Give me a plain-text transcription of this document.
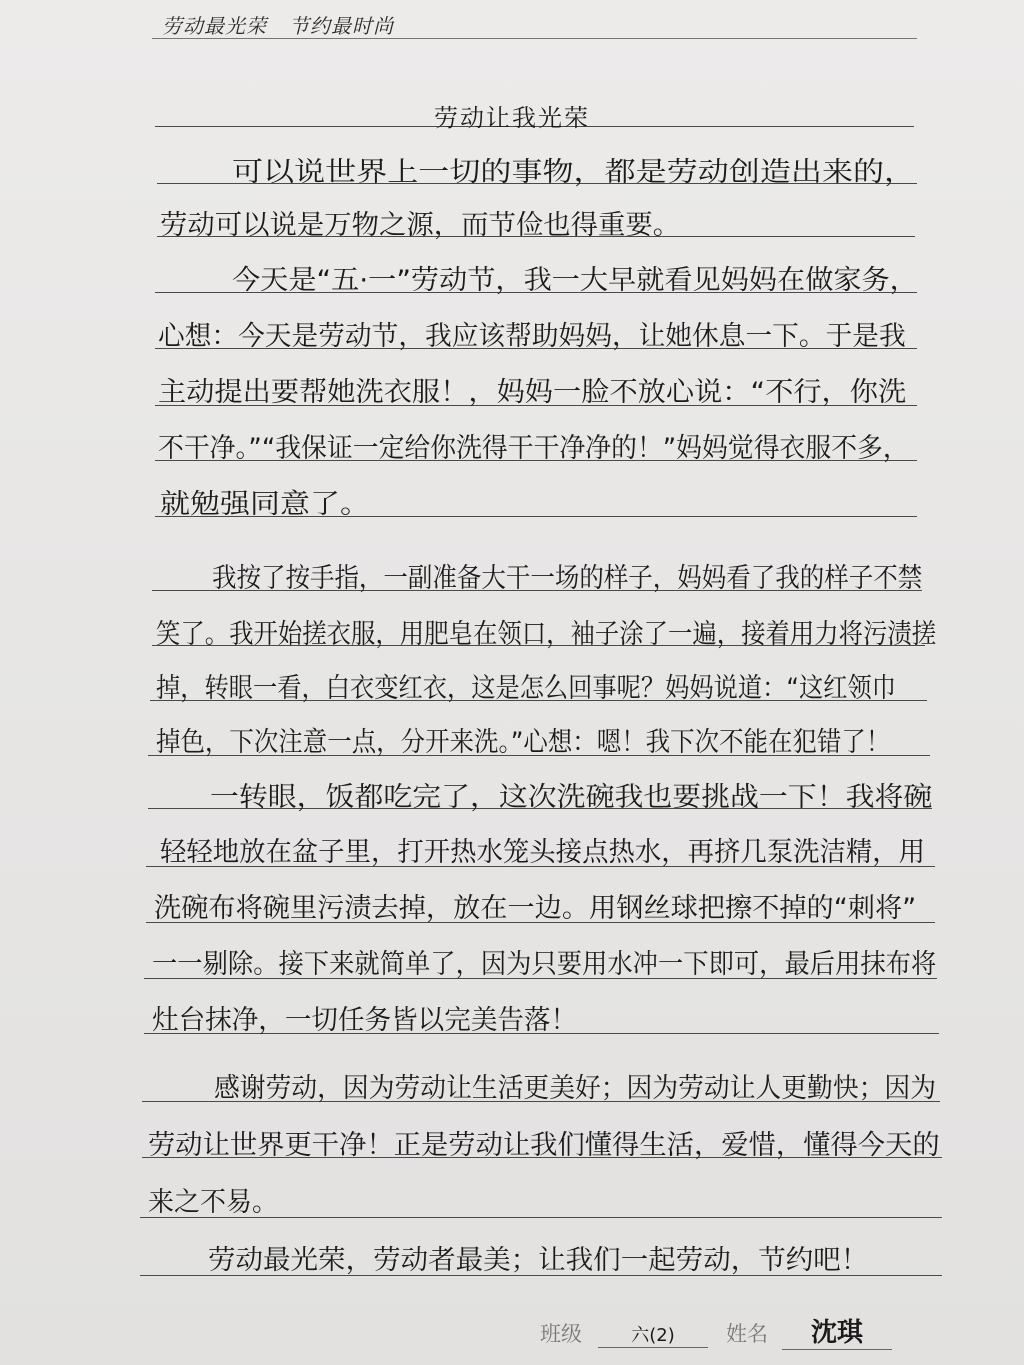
劳动最光荣 节约最时尚
劳动让我光荣
可以说世界上一切的事物，都是劳动创造出来的，
劳动可以说是万物之源，而节俭也得重要。
今天是“五·一”劳动节，我一大早就看见妈妈在做家务，
心想：今天是劳动节，我应该帮助妈妈，让她休息一下。于是我
主动提出要帮她洗衣服！，妈妈一脸不放心说：“不行，你洗
不干净。”“我保证一定给你洗得干干净净的！”妈妈觉得衣服不多，
就勉强同意了。
我按了按手指，一副准备大干一场的样子，妈妈看了我的样子不禁
笑了。我开始搓衣服，用肥皂在领口，袖子涂了一遍，接着用力将污渍搓
掉，转眼一看，白衣变红衣，这是怎么回事呢？妈妈说道：“这红领巾
掉色，下次注意一点，分开来洗。”心想：嗯！我下次不能在犯错了！
一转眼，饭都吃完了，这次洗碗我也要挑战一下！我将碗
轻轻地放在盆子里，打开热水笼头接点热水，再挤几泵洗洁精，用
洗碗布将碗里污渍去掉，放在一边。用钢丝球把擦不掉的“刺将”
一一剔除。接下来就简单了，因为只要用水冲一下即可，最后用抹布将
灶台抹净，一切任务皆以完美告落！
感谢劳动，因为劳动让生活更美好；因为劳动让人更勤快；因为
劳动让世界更干净！正是劳动让我们懂得生活，爱惜，懂得今天的
来之不易。
劳动最光荣，劳动者最美；让我们一起劳动，节约吧！
班级	六(2) 姓名 沈琪
